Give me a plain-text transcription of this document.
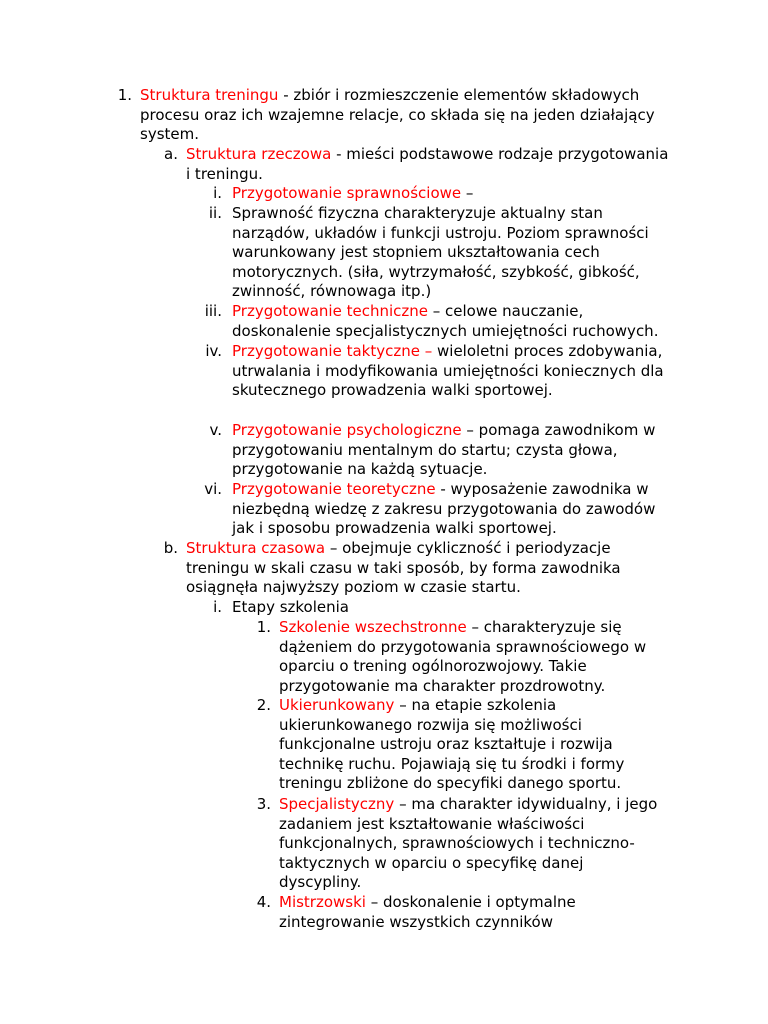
1. Struktura treningu - zbiór i rozmieszczenie elementów składowych procesu oraz ich wzajemne relacje, co składa się na jeden działający system.
a. Struktura rzeczowa - mieści podstawowe rodzaje przygotowania i treningu.
i. Przygotowanie sprawnościowe –
ii. Sprawność fizyczna charakteryzuje aktualny stan narządów, układów i funkcji ustroju. Poziom sprawności warunkowany jest stopniem ukształtowania cech motorycznych. (siła, wytrzymałość, szybkość, gibkość, zwinność, równowaga itp.)
iii. Przygotowanie techniczne – celowe nauczanie, doskonalenie specjalistycznych umiejętności ruchowych.
iv. Przygotowanie taktyczne – wieloletni proces zdobywania, utrwalania i modyfikowania umiejętności koniecznych dla skutecznego prowadzenia walki sportowej.
v. Przygotowanie psychologiczne – pomaga zawodnikom w przygotowaniu mentalnym do startu; czysta głowa, przygotowanie na każdą sytuacje.
vi. Przygotowanie teoretyczne - wyposażenie zawodnika w niezbędną wiedzę z zakresu przygotowania do zawodów jak i sposobu prowadzenia walki sportowej.
b. Struktura czasowa – obejmuje cykliczność i periodyzacje treningu w skali czasu w taki sposób, by forma zawodnika osiągnęła najwyższy poziom w czasie startu.
i. Etapy szkolenia
1. Szkolenie wszechstronne – charakteryzuje się dążeniem do przygotowania sprawnościowego w oparciu o trening ogólnorozwojowy. Takie przygotowanie ma charakter prozdrowotny.
2. Ukierunkowany – na etapie szkolenia ukierunkowanego rozwija się możliwości funkcjonalne ustroju oraz kształtuje i rozwija technikę ruchu. Pojawiają się tu środki i formy treningu zbliżone do specyfiki danego sportu.
3. Specjalistyczny – ma charakter idywidualny, i jego zadaniem jest kształtowanie właściwości funkcjonalnych, sprawnościowych i techniczno-taktycznych w oparciu o specyfikę danej dyscypliny.
4. Mistrzowski – doskonalenie i optymalne zintegrowanie wszystkich czynników
